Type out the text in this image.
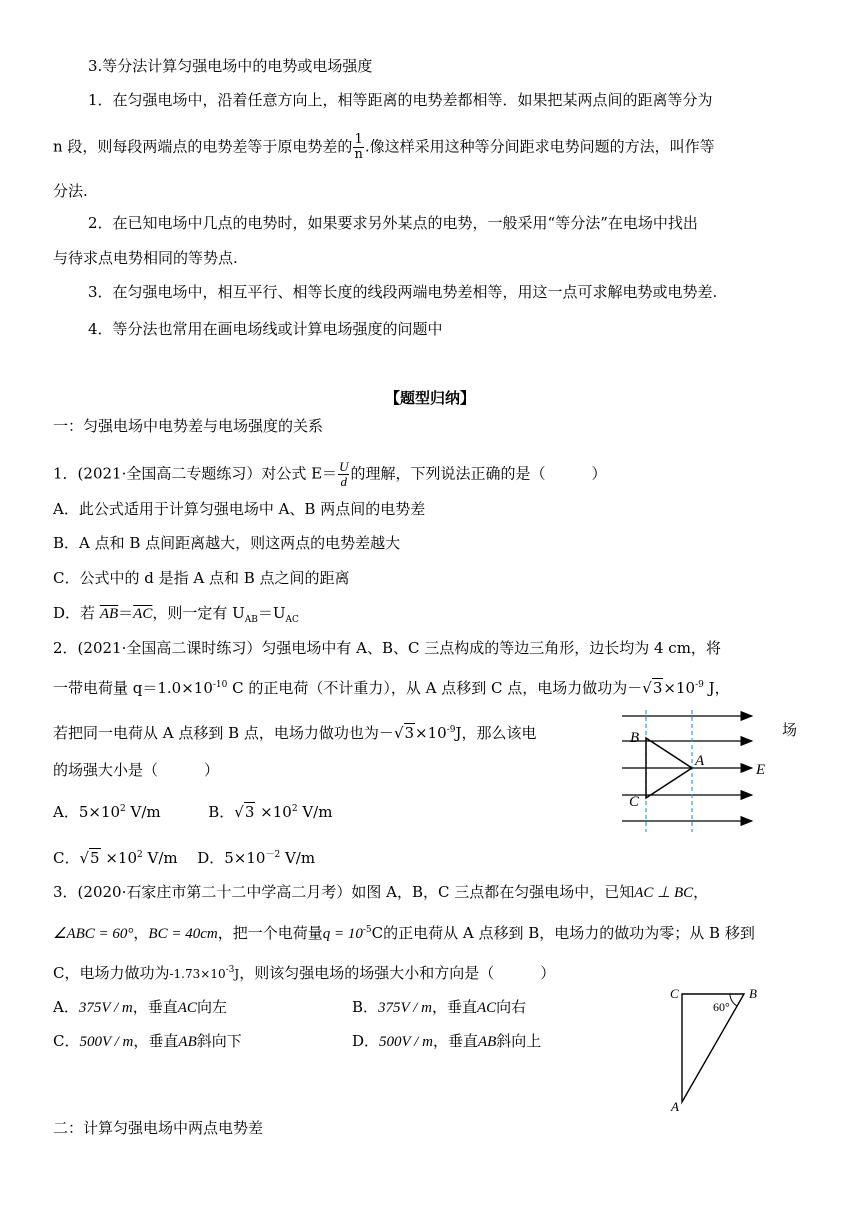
3.等分法计算匀强电场中的电势或电场强度
1．在匀强电场中，沿着任意方向上，相等距离的电势差都相等．如果把某两点间的距离等分为
n 段，则每段两端点的电势差等于原电势差的 $\frac{1}{n}$ .像这样采用这种等分间距求电势问题的方法，叫作等
分法.
2．在已知电场中几点的电势时，如果要求另外某点的电势，一般采用“等分法”在电场中找出
与待求点电势相同的等势点.
3．在匀强电场中，相互平行、相等长度的线段两端电势差相等，用这一点可求解电势或电势差.
4．等分法也常用在画电场线或计算电场强度的问题中
【题型归纳】
一：匀强电场中电势差与电场强度的关系
1．(2021·全国高二专题练习）对公式 $E= \frac{U}{d}$ 的理解，下列说法正确的是（	）
A．此公式适用于计算匀强电场中 A、B 两点间的电势差
B．A 点和 B 点间距离越大，则这两点的电势差越大
C．公式中的 d 是指 A 点和 B 点之间的距离
D．若 $\overline{AB}=\overline{AC}$，则一定有 $U_{AB}=U_{AC}$
2．(2021·全国高二课时练习）匀强电场中有 A、B、C 三点构成的等边三角形，边长均为 4 cm，将
一带电荷量 $q=1.0\times 10^{-10}$ C 的正电荷（不计重力），从 A 点移到 C 点，电场力做功为$-√3\times 10^{-9}$ J，
若把同一电荷从 A 点移到 B 点，电场力做功也为$-√3\times 10^{-9}J$，那么该电	场
的场强大小是（	）
A．$5\times 10^2$ V/m	B．$√3 \times 10^2$ V/m
C．$√5 \times 10^2$ V/m D．$5\times 10^{-2}$ V/m
B
A
C
E
3．(2020·石家庄市第二十二中学高二月考）如图 A，B，C 三点都在匀强电场中，已知AC ⊥ BC，
∠ABC = 60°，BC = 40cm，把一个电荷量$q = 10^{-5}C$的正电荷从 A 点移到 B，电场力的做功为零；从 B 移到
C，电场力做功为$-1.73\times 10^{-3}J$，则该匀强电场的场强大小和方向是（	）
A．375V / m，垂直AC向左	B．375V / m，垂直AC向右
C．500V / m，垂直AB斜向下	D．500V / m，垂直AB斜向上
C	B
A
60°
二：计算匀强电场中两点电势差
